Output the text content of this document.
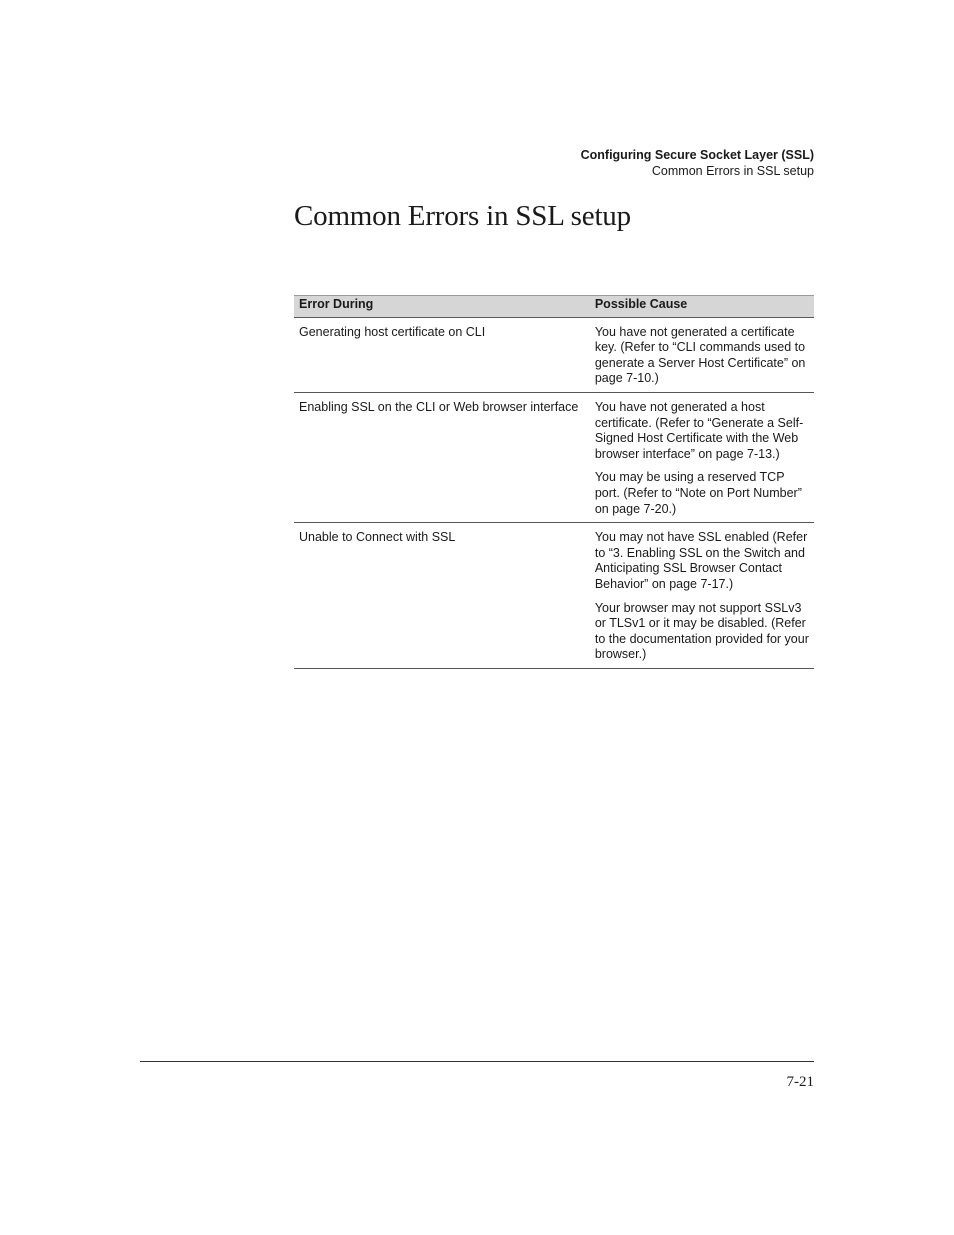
Configuring Secure Socket Layer (SSL)
Common Errors in SSL setup
Common Errors in SSL setup
Error During	Possible Cause
Generating host certificate on CLI	You have not generated a certificate key. (Refer to “CLI commands used to generate a Server Host Certificate” on page 7-10.)

Enabling SSL on the CLI or Web browser interface	You have not generated a host certificate. (Refer to “Generate a Self-Signed Host Certificate with the Web browser interface” on page 7-13.)

You may be using a reserved TCP port. (Refer to “Note on Port Number” on page 7-20.)

Unable to Connect with SSL	You may not have SSL enabled (Refer to “3. Enabling SSL on the Switch and Anticipating SSL Browser Contact Behavior” on page 7-17.)

Your browser may not support SSLv3 or TLSv1 or it may be disabled. (Refer to the documentation provided for your browser.)

7-21
